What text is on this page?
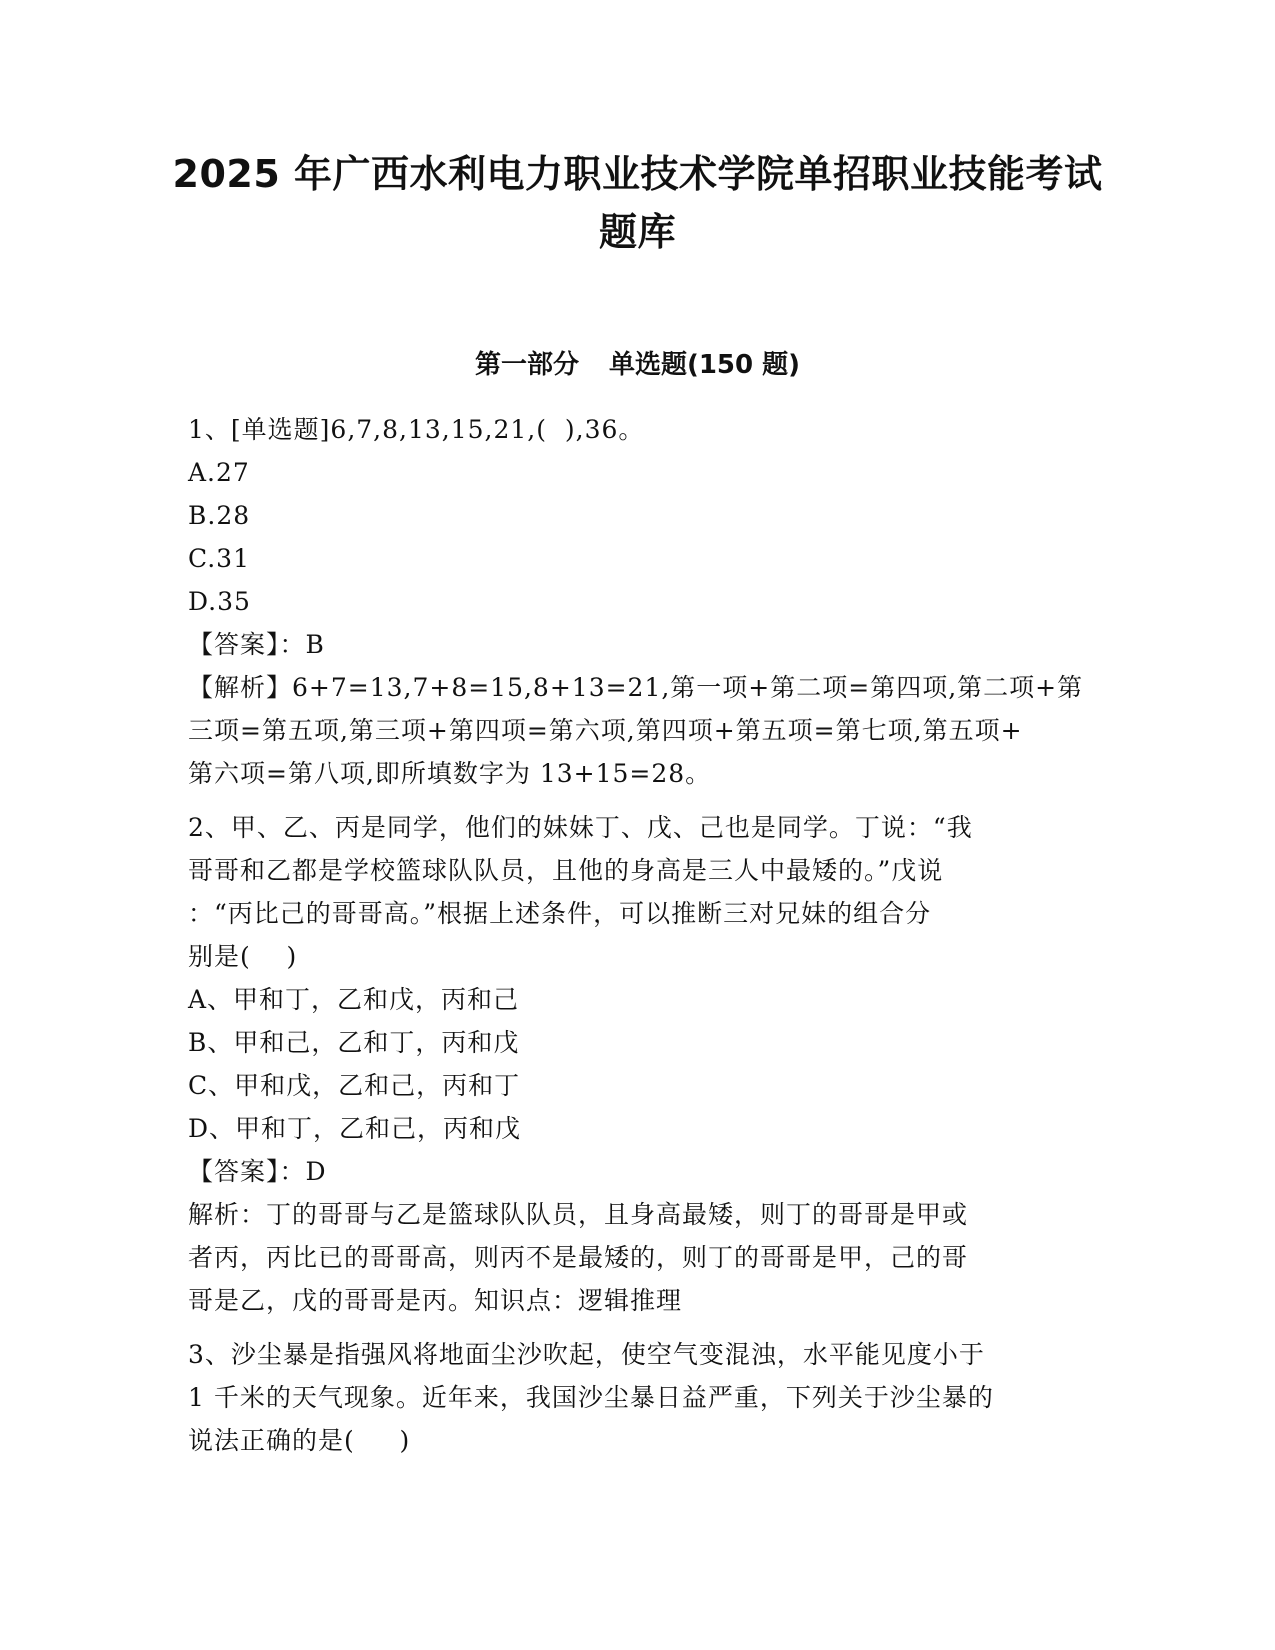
2025 年广西水利电力职业技术学院单招职业技能考试
题库
第一部分 单选题(150 题)

1、[单选题]6,7,8,13,15,21,(  ),36。

A.27

B.28

C.31

D.35

【答案】：B

【解析】6+7=13,7+8=15,8+13=21,第一项+第二项=第四项,第二项+第

三项=第五项,第三项+第四项=第六项,第四项+第五项=第七项,第五项+

第六项=第八项,即所填数字为 13+15=28。

2、甲、乙、丙是同学，他们的妹妹丁、戊、己也是同学。丁说：“我

哥哥和乙都是学校篮球队队员，且他的身高是三人中最矮的。”戊说

：“丙比己的哥哥高。”根据上述条件，可以推断三对兄妹的组合分

别是(    )

A、甲和丁，乙和戊，丙和己

B、甲和己，乙和丁，丙和戊

C、甲和戊，乙和己，丙和丁

D、甲和丁，乙和己，丙和戊

【答案】：D

解析：丁的哥哥与乙是篮球队队员，且身高最矮，则丁的哥哥是甲或

者丙，丙比已的哥哥高，则丙不是最矮的，则丁的哥哥是甲，己的哥

哥是乙，戊的哥哥是丙。知识点：逻辑推理

3、沙尘暴是指强风将地面尘沙吹起，使空气变混浊，水平能见度小于

1 千米的天气现象。近年来，我国沙尘暴日益严重，下列关于沙尘暴的

说法正确的是(     )
